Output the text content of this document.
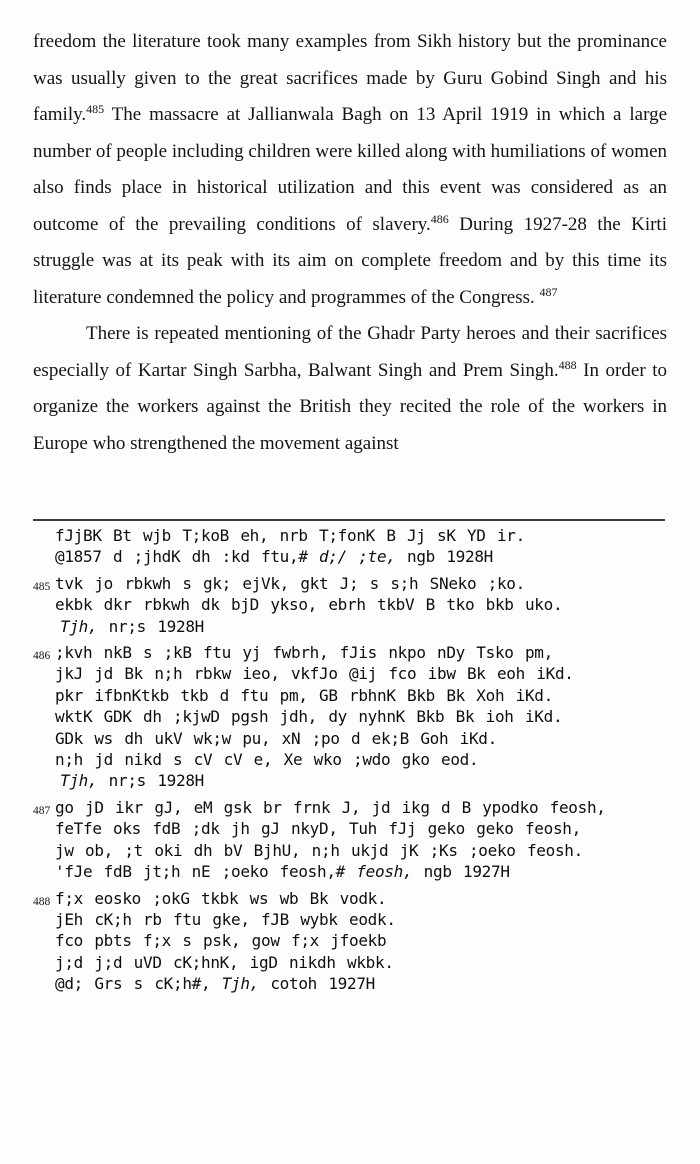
freedom the literature took many examples from Sikh history but the prominance was usually given to the great sacrifices made by Guru Gobind Singh and his family.$^{485}$ The massacre at Jallianwala Bagh on 13 April 1919 in which a large number of people including children were killed along with humiliations of women also finds place in historical utilization and this event was considered as an outcome of the prevailing conditions of slavery.$^{486}$ During 1927-28 the Kirti struggle was at its peak with its aim on complete freedom and by this time its literature condemned the policy and programmes of the Congress. $^{487}$

There is repeated mentioning of the Ghadr Party heroes and their sacrifices especially of Kartar Singh Sarbha, Balwant Singh and Prem Singh.$^{488}$ In order to organize the workers against the British they recited the role of the workers in Europe who strengthened the movement against

fJjBK Bt wjb T;koB eh, nrb T;fonK B Jj sK YD ir.
@1857 d ;jhdK dh :kd ftu,# d;/ ;te, ngb 1928H
485 tvk jo rbkwh s gk; ejVk, gkt J; s s;h SNeko ;ko.
ekbk dkr rbkwh dk bjD ykso, ebrh tkbV B tko bkb uko.
Tjh, nr;s 1928H
486 ;kvh nkB s ;kB ftu yj fwbrh, fJis nkpo nDy Tsko pm,
jkJ jd Bk n;h rbkw ieo, vkfJo @ij fco ibw Bk eoh iKd.
pkr ifbnKtkb tkb d ftu pm, GB rbhnK Bkb Bk Xoh iKd.
wktK GDK dh ;kjwD pgsh jdh, dy nyhnK Bkb Bk ioh iKd.
GDk ws dh ukV wk;w pu, xN ;po d ek;B Goh iKd.
n;h jd nikd s cV cV e, Xe wko ;wdo gko eod.
Tjh, nr;s 1928H
487 go jD ikr gJ, eM gsk br frnk J, jd ikg d B ypodko feosh,
feTfe oks fdB ;dk jh gJ nkyD, Tuh fJj geko geko feosh,
jw ob, ;t oki dh bV BjhU, n;h ukjd jK ;Ks ;oeko feosh.
'fJe fdB jt;h nE ;oeko feosh,# feosh, ngb 1927H
488 f;x eosko ;okG tkbk ws wb Bk vodk.
jEh cK;h rb ftu gke, fJB wybk eodk.
fco pbts f;x s psk, gow f;x jfoekb
j;d j;d uVD cK;hnK, igD nikdh wkbk.
@d; Grs s cK;h#, Tjh, cotoh 1927H
